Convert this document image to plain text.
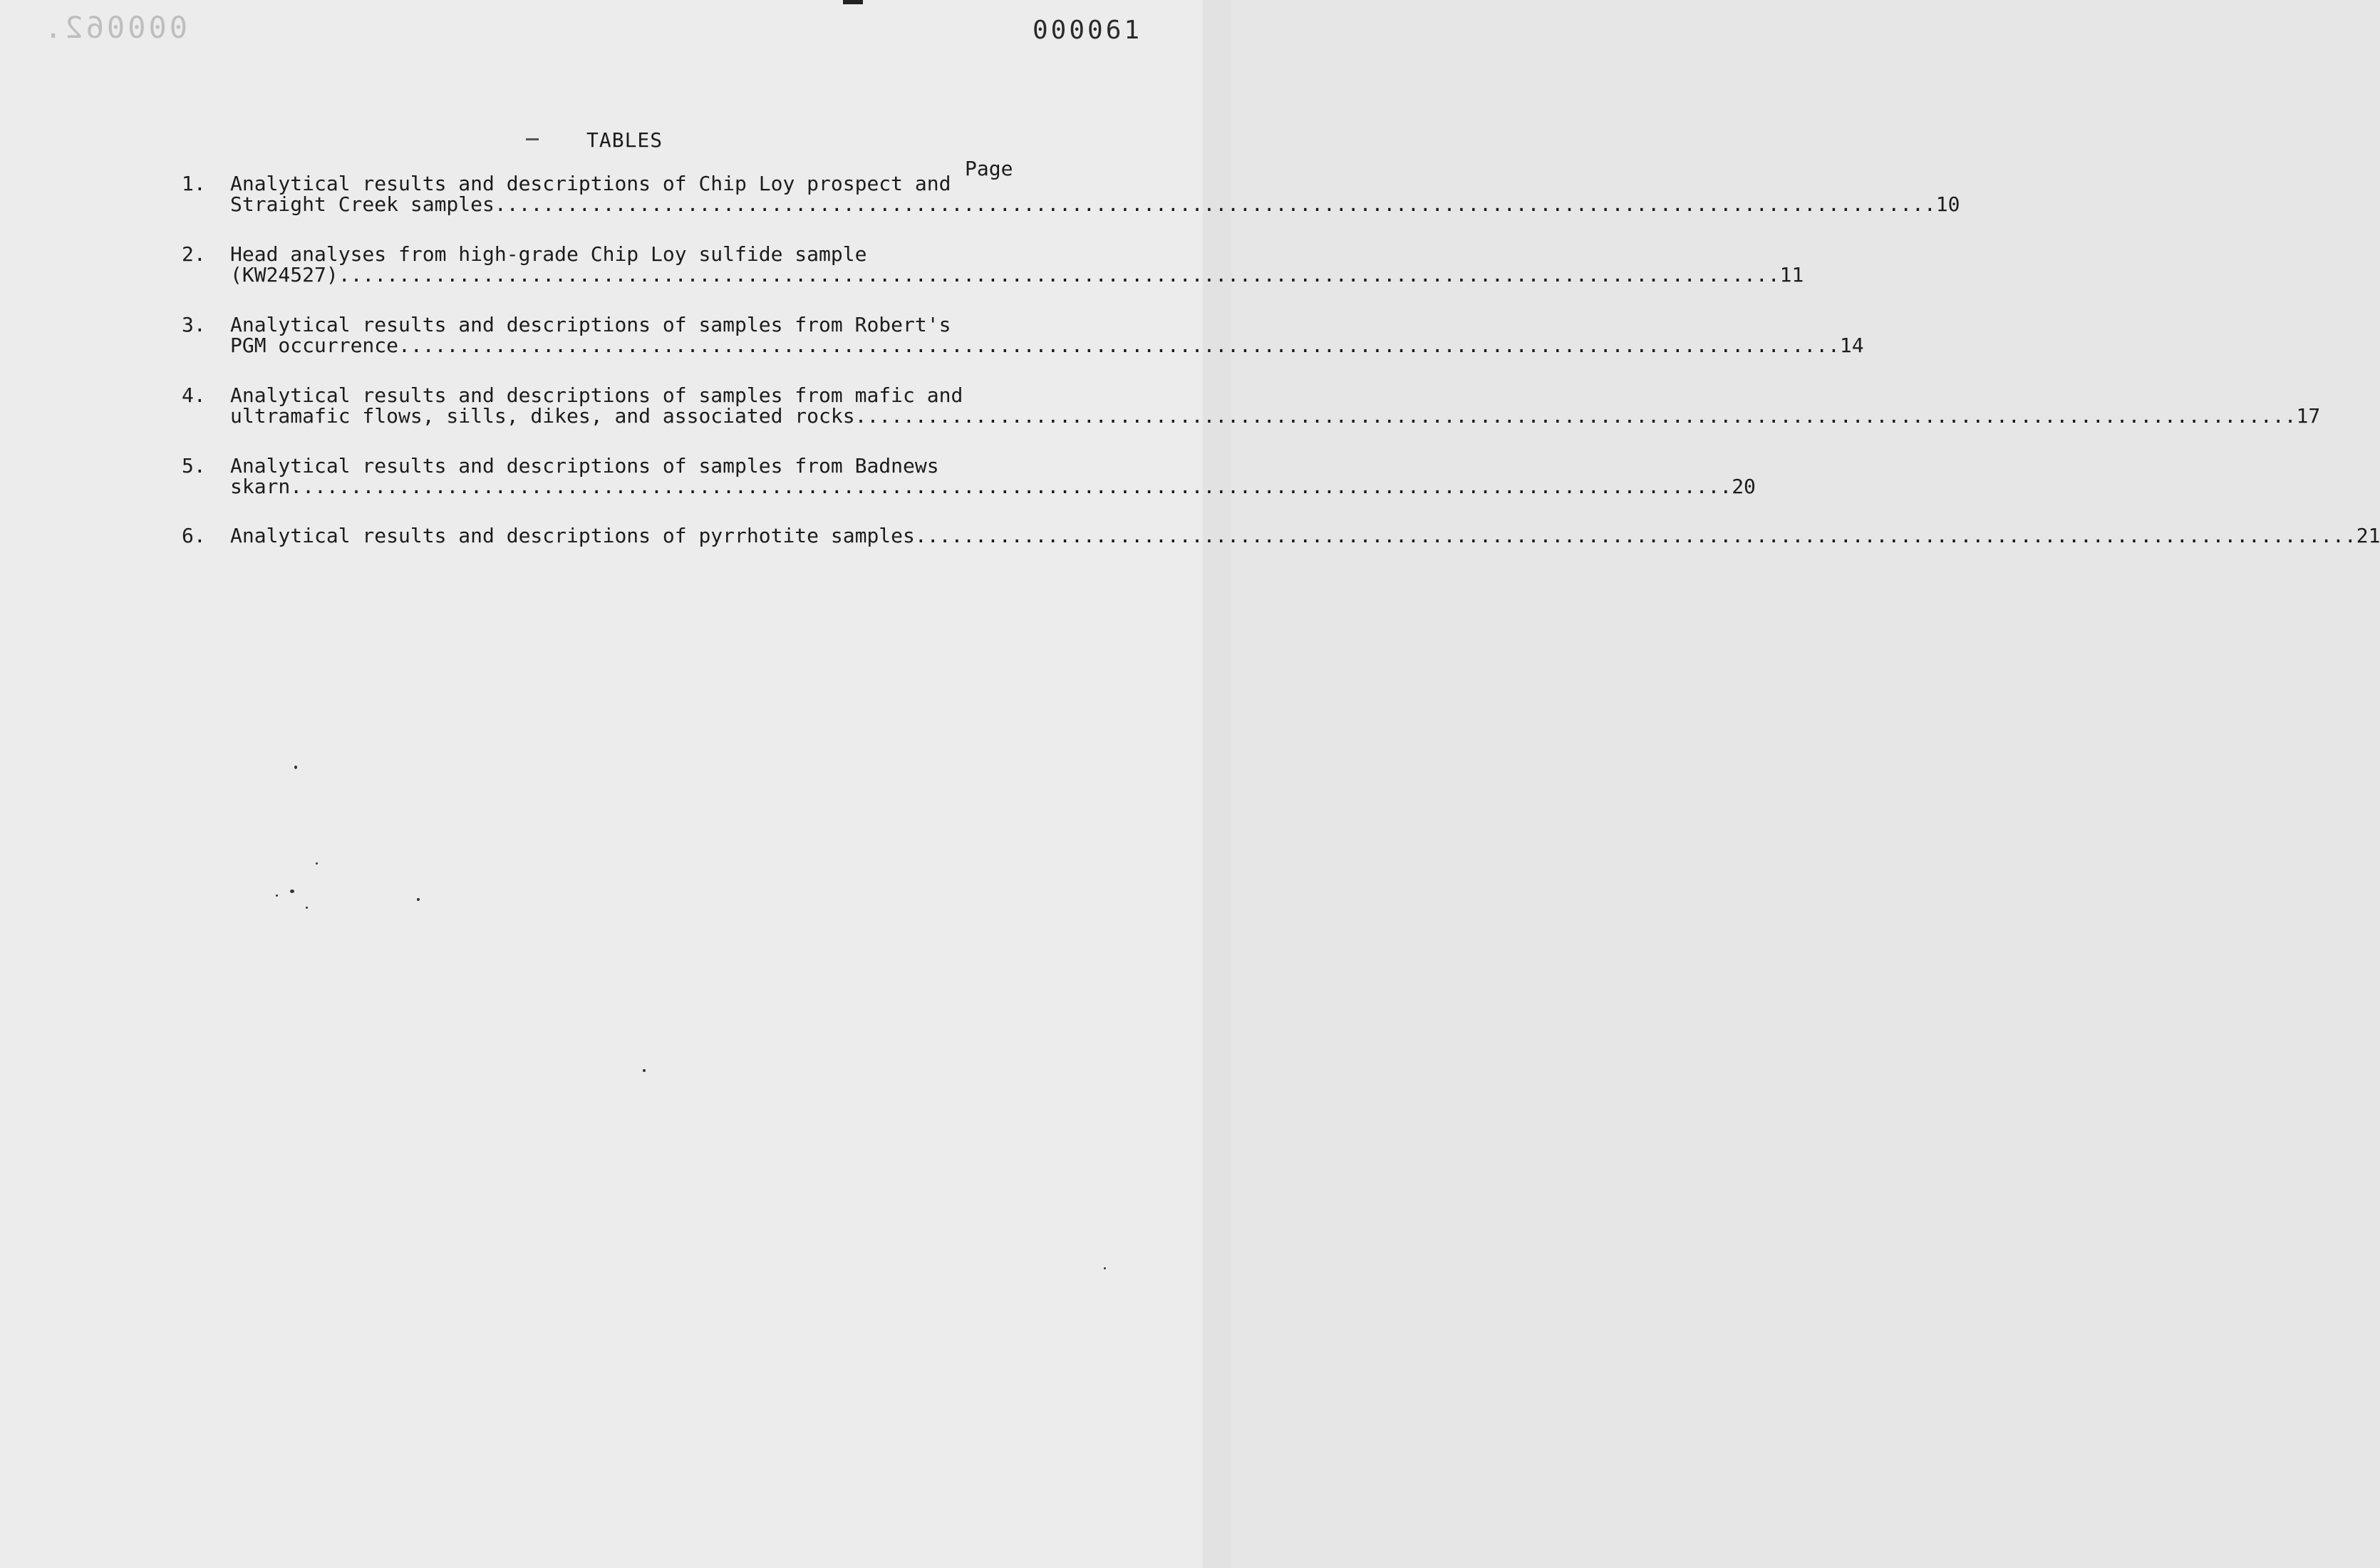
000062.	000061
TABLES
Page
1. Analytical results and descriptions of Chip Loy prospect and
Straight Creek samples ........................................................................................................................ 10
2. Head analyses from high-grade Chip Loy sulfide sample
(KW24527) ........................................................................................................................ 11
3. Analytical results and descriptions of samples from Robert's
PGM occurrence ........................................................................................................................ 14
4. Analytical results and descriptions of samples from mafic and
ultramafic flows, sills, dikes, and associated rocks ........................................................................................................................ 17
5. Analytical results and descriptions of samples from Badnews
skarn ........................................................................................................................ 20
6. Analytical results and descriptions of pyrrhotite samples ........................................................................................................................ 21
